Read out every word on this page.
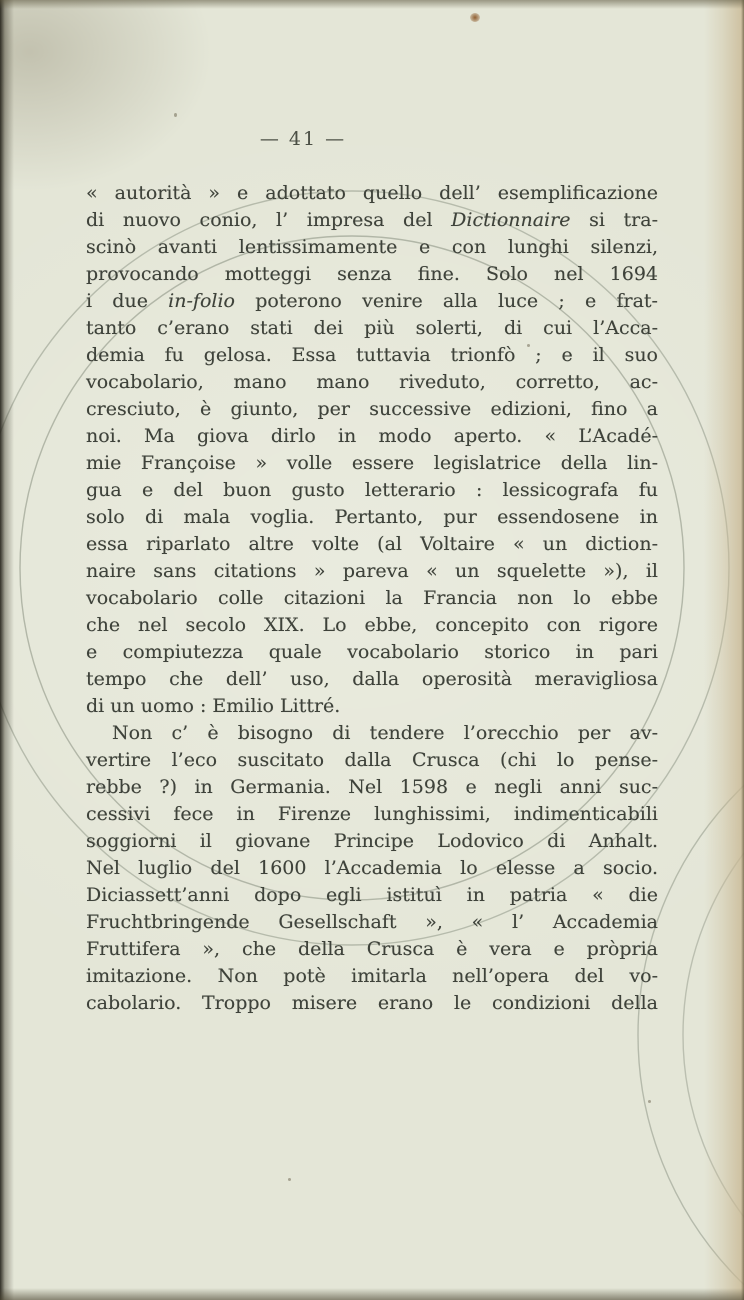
— 41 —
« autorità » e adottato quello dell’ esemplificazione
di nuovo conio, l’ impresa del Dictionnaire si tra-
scinò avanti lentissimamente e con lunghi silenzi,
provocando motteggi senza fine. Solo nel 1694
i due in-folio poterono venire alla luce ; e frat-
tanto c’erano stati dei più solerti, di cui l’Acca-
demia fu gelosa. Essa tuttavia trionfò ; e il suo
vocabolario, mano mano riveduto, corretto, ac-
cresciuto, è giunto, per successive edizioni, fino a
noi. Ma giova dirlo in modo aperto. « L’Acadé-
mie Françoise » volle essere legislatrice della lin-
gua e del buon gusto letterario : lessicografa fu
solo di mala voglia. Pertanto, pur essendosene in
essa riparlato altre volte (al Voltaire « un diction-
naire sans citations » pareva « un squelette »), il
vocabolario colle citazioni la Francia non lo ebbe
che nel secolo XIX. Lo ebbe, concepito con rigore
e compiutezza quale vocabolario storico in pari
tempo che dell’ uso, dalla operosità meravigliosa
di un uomo : Emilio Littré.
Non c’ è bisogno di tendere l’orecchio per av-
vertire l’eco suscitato dalla Crusca (chi lo pense-
rebbe ?) in Germania. Nel 1598 e negli anni suc-
cessivi fece in Firenze lunghissimi, indimenticabili
soggiorni il giovane Principe Lodovico di Anhalt.
Nel luglio del 1600 l’Accademia lo elesse a socio.
Diciassett’anni dopo egli istituì in patria « die
Fruchtbringende Gesellschaft », « l’ Accademia
Fruttifera », che della Crusca è vera e pròpria
imitazione. Non potè imitarla nell’opera del vo-
cabolario. Troppo misere erano le condizioni della
